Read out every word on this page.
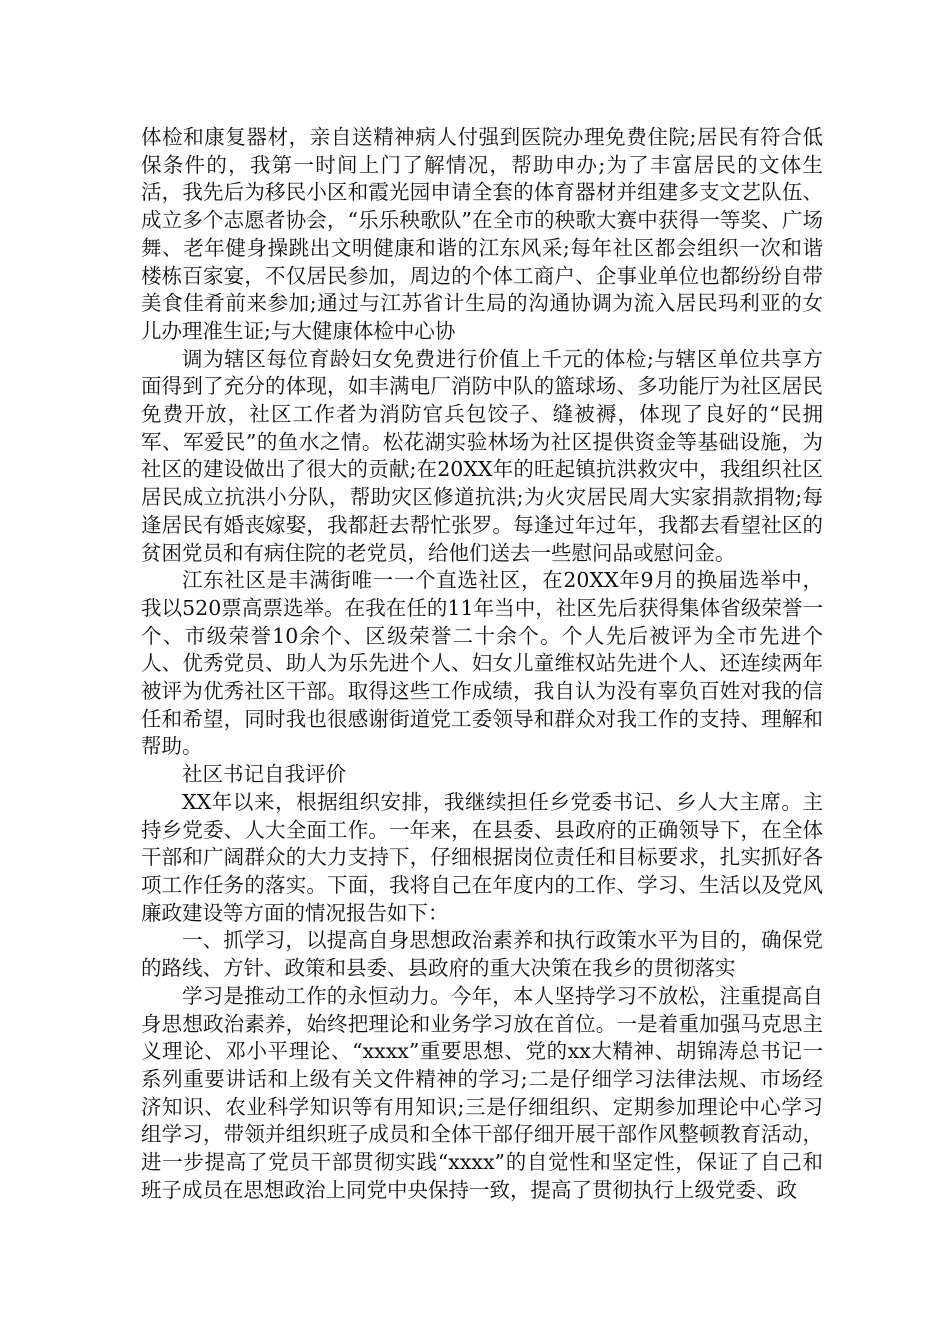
体检和康复器材，亲自送精神病人付强到医院办理免费住院;居民有符合低保条件的，我第一时间上门了解情况，帮助申办;为了丰富居民的文体生活，我先后为移民小区和霞光园申请全套的体育器材并组建多支文艺队伍、成立多个志愿者协会，“乐乐秧歌队”在全市的秧歌大赛中获得一等奖、广场舞、老年健身操跳出文明健康和谐的江东风采;每年社区都会组织一次和谐楼栋百家宴，不仅居民参加，周边的个体工商户、企事业单位也都纷纷自带美食佳肴前来参加;通过与江苏省计生局的沟通协调为流入居民玛利亚的女儿办理准生证;与大健康体检中心协

调为辖区每位育龄妇女免费进行价值上千元的体检;与辖区单位共享方面得到了充分的体现，如丰满电厂消防中队的篮球场、多功能厅为社区居民免费开放，社区工作者为消防官兵包饺子、缝被褥，体现了良好的“民拥军、军爱民”的鱼水之情。松花湖实验林场为社区提供资金等基础设施，为社区的建设做出了很大的贡献;在20XX年的旺起镇抗洪救灾中，我组织社区居民成立抗洪小分队，帮助灾区修道抗洪;为火灾居民周大实家捐款捐物;每逢居民有婚丧嫁娶，我都赶去帮忙张罗。每逢过年过年，我都去看望社区的贫困党员和有病住院的老党员，给他们送去一些慰问品或慰问金。

江东社区是丰满街唯一一个直选社区，在20XX年9月的换届选举中，我以520票高票选举。在我在任的11年当中，社区先后获得集体省级荣誉一个、市级荣誉10余个、区级荣誉二十余个。个人先后被评为全市先进个人、优秀党员、助人为乐先进个人、妇女儿童维权站先进个人、还连续两年被评为优秀社区干部。取得这些工作成绩，我自认为没有辜负百姓对我的信任和希望，同时我也很感谢街道党工委领导和群众对我工作的支持、理解和帮助。

社区书记自我评价

XX年以来，根据组织安排，我继续担任乡党委书记、乡人大主席。主持乡党委、人大全面工作。一年来，在县委、县政府的正确领导下，在全体干部和广阔群众的大力支持下，仔细根据岗位责任和目标要求，扎实抓好各项工作任务的落实。下面，我将自己在年度内的工作、学习、生活以及党风廉政建设等方面的情况报告如下：

一、抓学习，以提高自身思想政治素养和执行政策水平为目的，确保党的路线、方针、政策和县委、县政府的重大决策在我乡的贯彻落实

学习是推动工作的永恒动力。今年，本人坚持学习不放松，注重提高自身思想政治素养，始终把理论和业务学习放在首位。一是着重加强马克思主义理论、邓小平理论、“xxxx”重要思想、党的xx大精神、胡锦涛总书记一系列重要讲话和上级有关文件精神的学习;二是仔细学习法律法规、市场经济知识、农业科学知识等有用知识;三是仔细组织、定期参加理论中心学习组学习，带领并组织班子成员和全体干部仔细开展干部作风整顿教育活动，进一步提高了党员干部贯彻实践“xxxx”的自觉性和坚定性，保证了自己和班子成员在思想政治上同党中央保持一致，提高了贯彻执行上级党委、政
